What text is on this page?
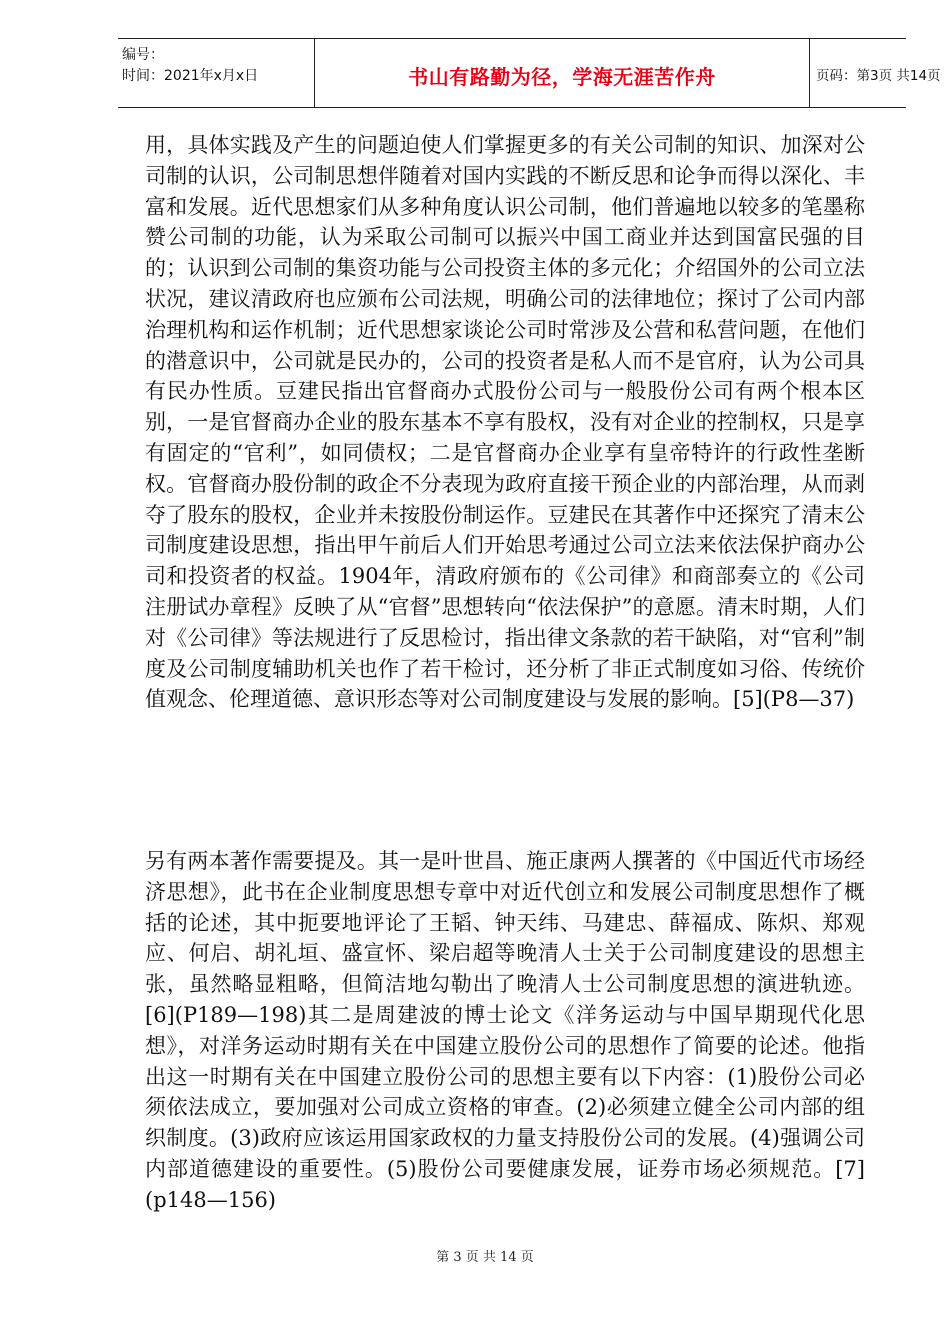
编号：
时间：2021年x月x日	书山有路勤为径，学海无涯苦作舟	页码：第3页 共14页

用，具体实践及产生的问题迫使人们掌握更多的有关公司制的知识、加深对公司制的认识，公司制思想伴随着对国内实践的不断反思和论争而得以深化、丰富和发展。近代思想家们从多种角度认识公司制，他们普遍地以较多的笔墨称赞公司制的功能，认为采取公司制可以振兴中国工商业并达到国富民强的目的；认识到公司制的集资功能与公司投资主体的多元化；介绍国外的公司立法状况，建议清政府也应颁布公司法规，明确公司的法律地位；探讨了公司内部治理机构和运作机制；近代思想家谈论公司时常涉及公营和私营问题，在他们的潜意识中，公司就是民办的，公司的投资者是私人而不是官府，认为公司具有民办性质。豆建民指出官督商办式股份公司与一般股份公司有两个根本区别，一是官督商办企业的股东基本不享有股权，没有对企业的控制权，只是享有固定的“官利”，如同债权；二是官督商办企业享有皇帝特许的行政性垄断权。官督商办股份制的政企不分表现为政府直接干预企业的内部治理，从而剥夺了股东的股权，企业并未按股份制运作。豆建民在其著作中还探究了清末公司制度建设思想，指出甲午前后人们开始思考通过公司立法来依法保护商办公司和投资者的权益。1904年，清政府颁布的《公司律》和商部奏立的《公司注册试办章程》反映了从“官督”思想转向“依法保护”的意愿。清末时期，人们对《公司律》等法规进行了反思检讨，指出律文条款的若干缺陷，对“官利”制度及公司制度辅助机关也作了若干检讨，还分析了非正式制度如习俗、传统价值观念、伦理道德、意识形态等对公司制度建设与发展的影响。[5](P8—37)

另有两本著作需要提及。其一是叶世昌、施正康两人撰著的《中国近代市场经济思想》，此书在企业制度思想专章中对近代创立和发展公司制度思想作了概括的论述，其中扼要地评论了王韬、钟天纬、马建忠、薛福成、陈炽、郑观应、何启、胡礼垣、盛宣怀、梁启超等晚清人士关于公司制度建设的思想主张，虽然略显粗略，但简洁地勾勒出了晚清人士公司制度思想的演进轨迹。[6](P189—198)其二是周建波的博士论文《洋务运动与中国早期现代化思想》，对洋务运动时期有关在中国建立股份公司的思想作了简要的论述。他指出这一时期有关在中国建立股份公司的思想主要有以下内容：(1)股份公司必须依法成立，要加强对公司成立资格的审查。(2)必须建立健全公司内部的组织制度。(3)政府应该运用国家政权的力量支持股份公司的发展。(4)强调公司内部道德建设的重要性。(5)股份公司要健康发展，证券市场必须规范。[7](p148—156)

第 3 页 共 14 页
